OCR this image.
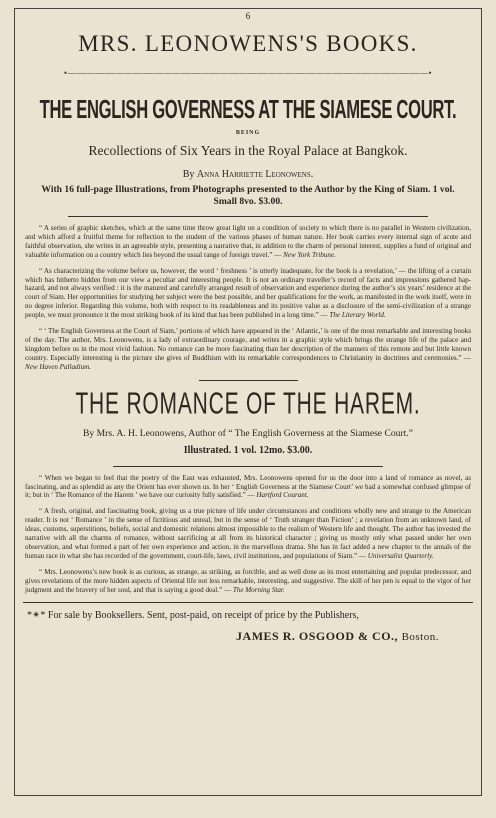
6
MRS. LEONOWENS'S BOOKS.
•——————————————————————————————————————•
THE ENGLISH GOVERNESS AT THE SIAMESE COURT.
BEING
Recollections of Six Years in the Royal Palace at Bangkok.
By Anna Harriette Leonowens.
With 16 full-page Illustrations, from Photographs presented to the Author by the King of Siam. 1 vol. Small 8vo. $3.00.
“ A series of graphic sketches, which at the same time throw great light on a condition of society to which there is no parallel in Western civilization, and which afford a fruitful theme for reflection to the student of the various phases of human nature. Her book carries every internal sign of acute and faithful observation, she writes in an agreeable style, presenting a narrative that, in addition to the charm of personal interest, supplies a fund of original and valuable information on a country which lies beyond the usual range of foreign travel.” — New York Tribune.
“ As characterizing the volume before us, however, the word ‘ freshness ’ is utterly inadequate, for the book is a revelation,’ — the lifting of a curtain which has hitherto hidden from our view a peculiar and interesting people. It is not an ordinary traveller’s record of facts and impressions gathered hap-hazard, and not always verified : it is the matured and carefully arranged result of observation and experience during the author’s six years’ residence at the court of Siam. Her opportunities for studying her subject were the best possible, and her qualifications for the work, as manifested in the work itself, were in no degree inferior. Regarding this volume, both with respect to its readableness and its positive value as a disclosure of the semi-civilization of a strange people, we must pronounce it the most striking book of its kind that has been published in a long time.” — The Literary World.
“ ‘ The English Governess at the Court of Siam,’ portions of which have appeared in the ‘ Atlantic,’ is one of the most remarkable and interesting books of the day. The author, Mrs. Leonowens, is a lady of extraordinary courage, and writes in a graphic style which brings the strange life of the palace and kingdom before us in the most vivid fashion. No romance can be more fascinating than her description of the manners of this remote and but little known country. Especially interesting is the picture she gives of Buddhism with its remarkable correspondences to Christianity in doctrines and ceremonies.” — New Haven Palladium.
THE ROMANCE OF THE HAREM.
By Mrs. A. H. Leonowens, Author of “ The English Governess at the Siamese Court.”
Illustrated. 1 vol. 12mo. $3.00.
“ When we began to feel that the poetry of the East was exhausted, Mrs. Leonowens opened for us the door into a land of romance as novel, as fascinating, and as splendid as any the Orient has ever shown us. In her ‘ English Governess at the Siamese Court’ we had a somewhat confused glimpse of it; but in ‘ The Romance of the Harem ’ we have our curiosity fully satisfied.” — Hartford Courant.
“ A fresh, original, and fascinating book, giving us a true picture of life under circumstances and conditions wholly new and strange to the American reader. It is not ‘ Romance ’ in the sense of fictitious and unreal, but in the sense of ‘ Truth stranger than Fiction’ ; a revelation from an unknown land, of ideas, customs, superstitions, beliefs, social and domestic relations almost impossible to the realism of Western life and thought. The author has invested the narrative with all the charms of romance, without sacrificing at all from its historical character ; giving us mostly only what passed under her own observation, and what formed a part of her own experience and action, in the marvellous drama. She has in fact added a new chapter to the annals of the human race in what she has recorded of the government, court-life, laws, civil institutions, and populations of Siam.” — Universalist Quarterly.
“ Mrs. Leonowens’s new book is as curious, as strange, as striking, as forcible, and as well done as its most entertaining and popular predecessor, and gives revelations of the more hidden aspects of Oriental life not less remarkable, interesting, and suggestive. The skill of her pen is equal to the vigor of her judgment and the bravery of her soul, and that is saying a good deal.” — The Morning Star.
*✴* For sale by Booksellers. Sent, post-paid, on receipt of price by the Publishers,
JAMES R. OSGOOD & CO., Boston.
